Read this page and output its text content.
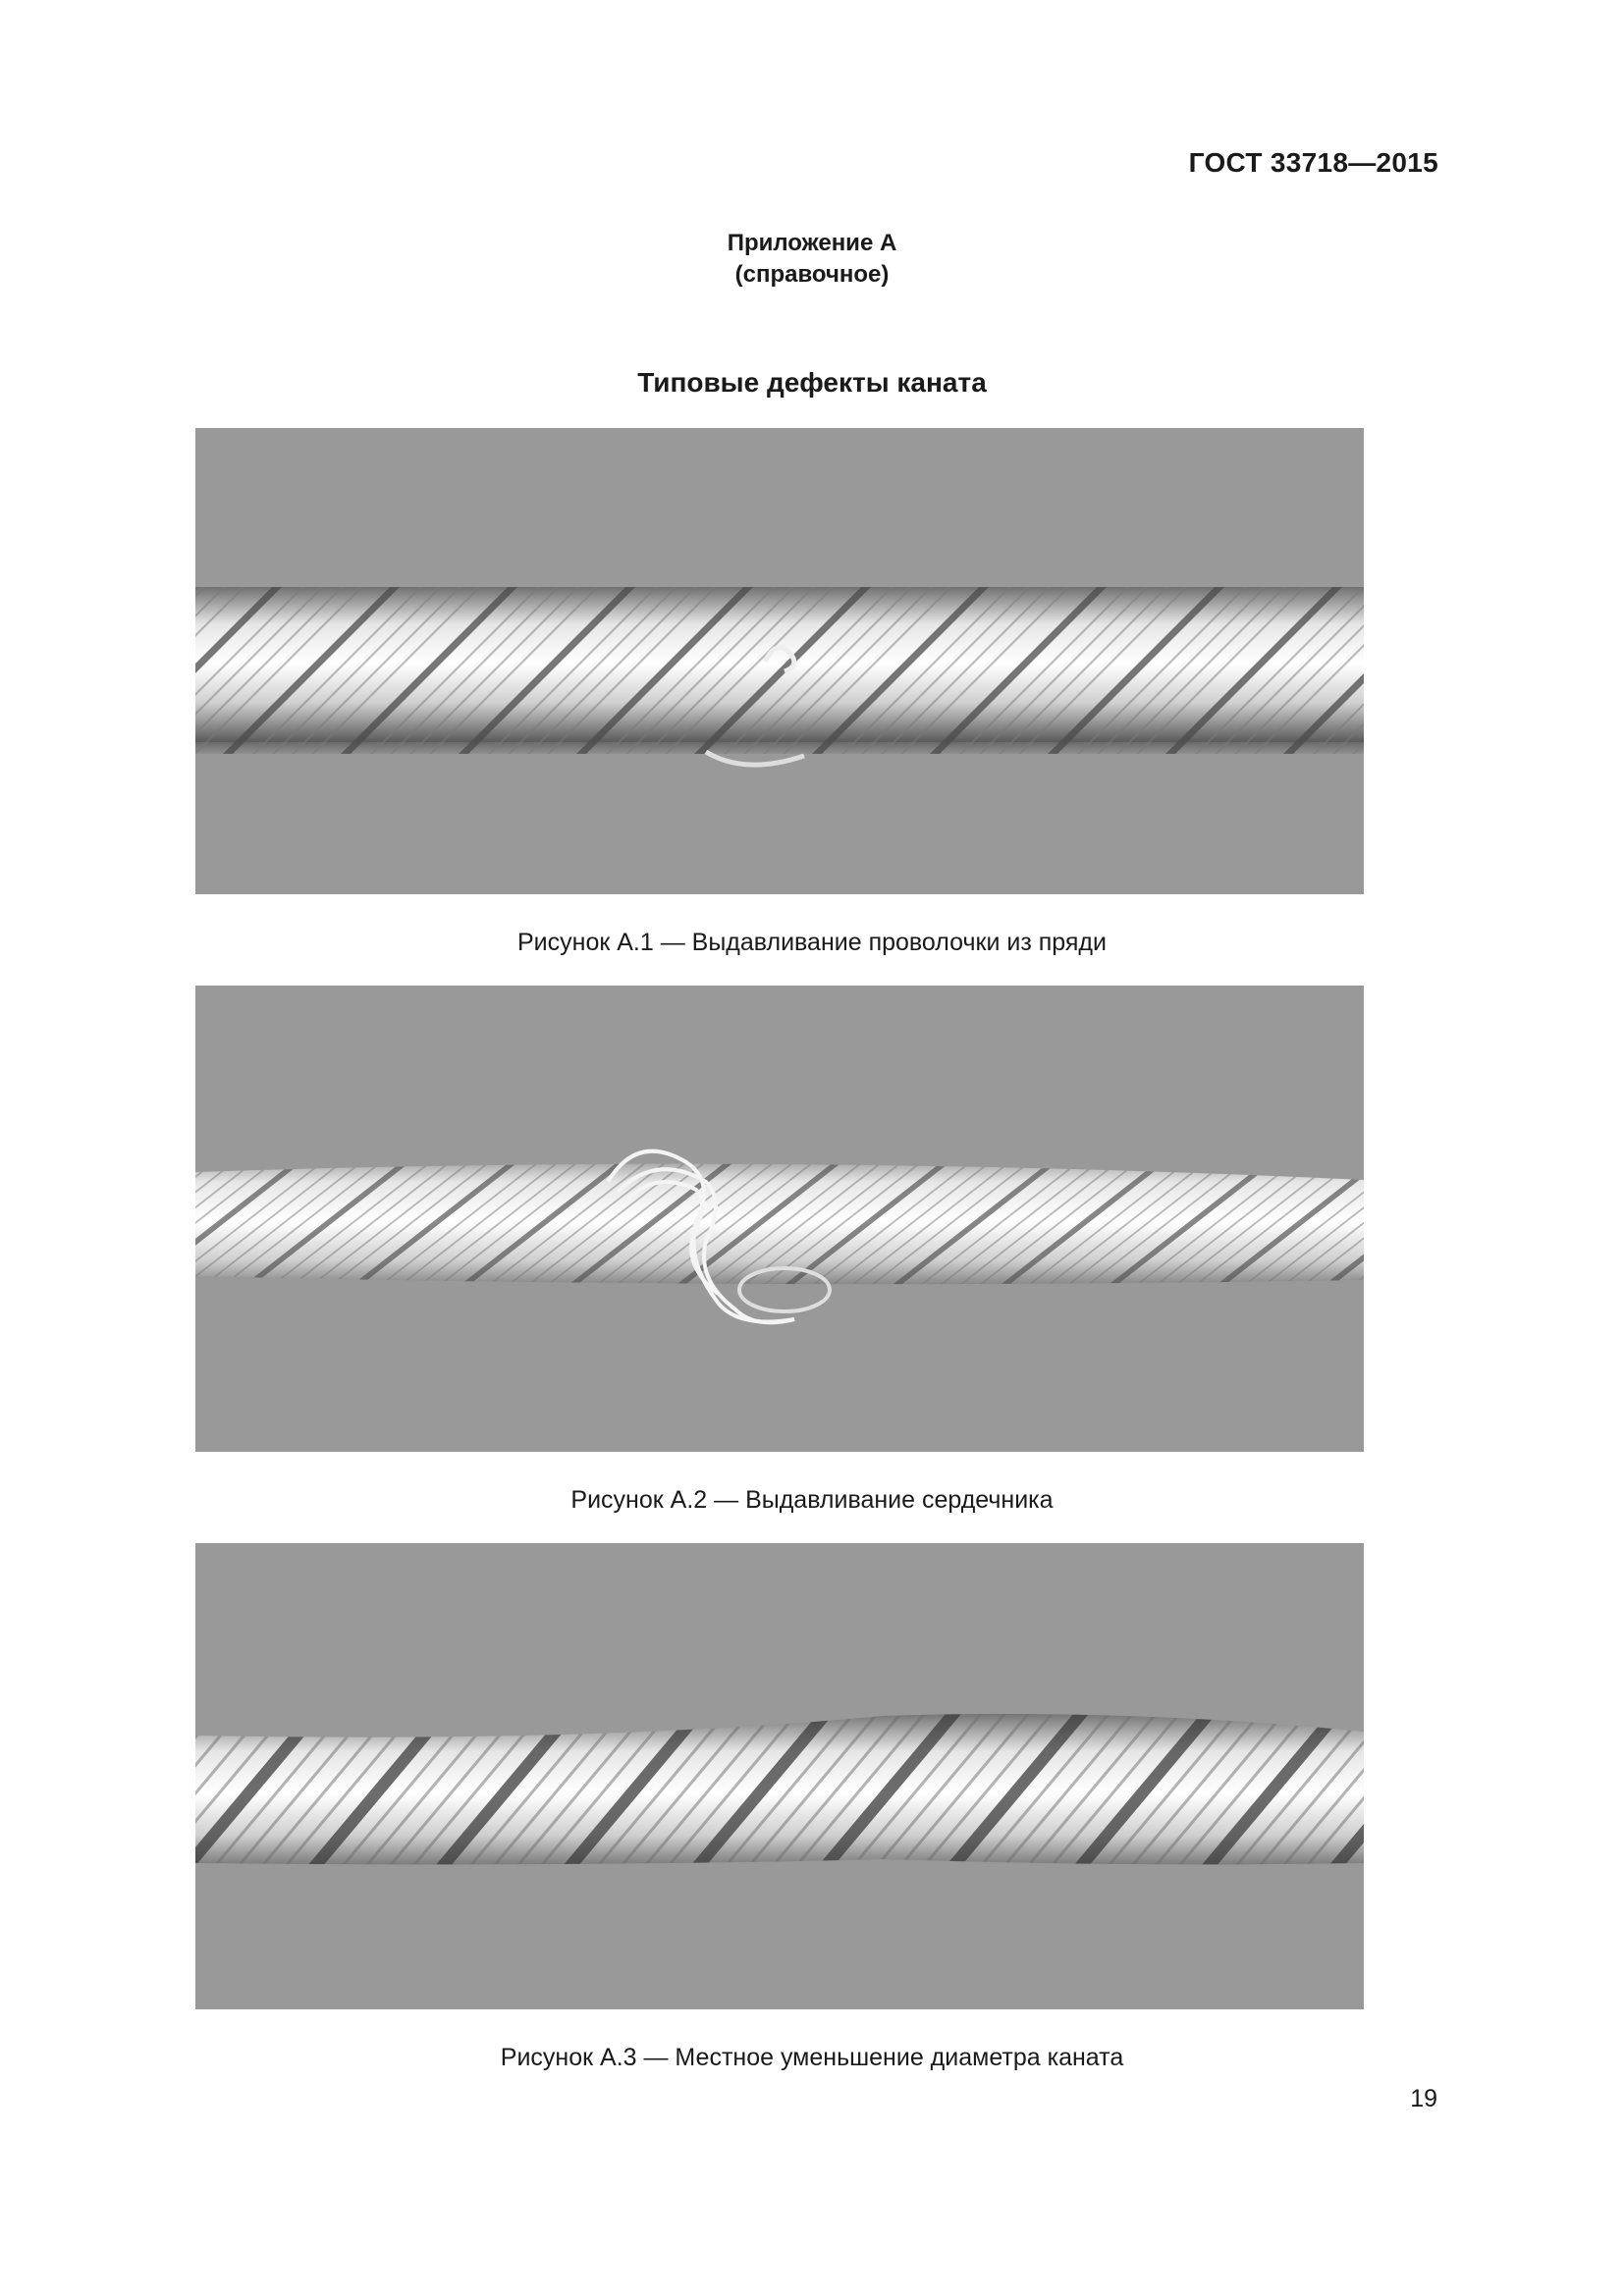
ГОСТ 33718—2015
Приложение А
(справочное)
Типовые дефекты каната
Рисунок А.1 — Выдавливание проволочки из пряди
Рисунок А.2 — Выдавливание сердечника
Рисунок А.3 — Местное уменьшение диаметра каната
19
